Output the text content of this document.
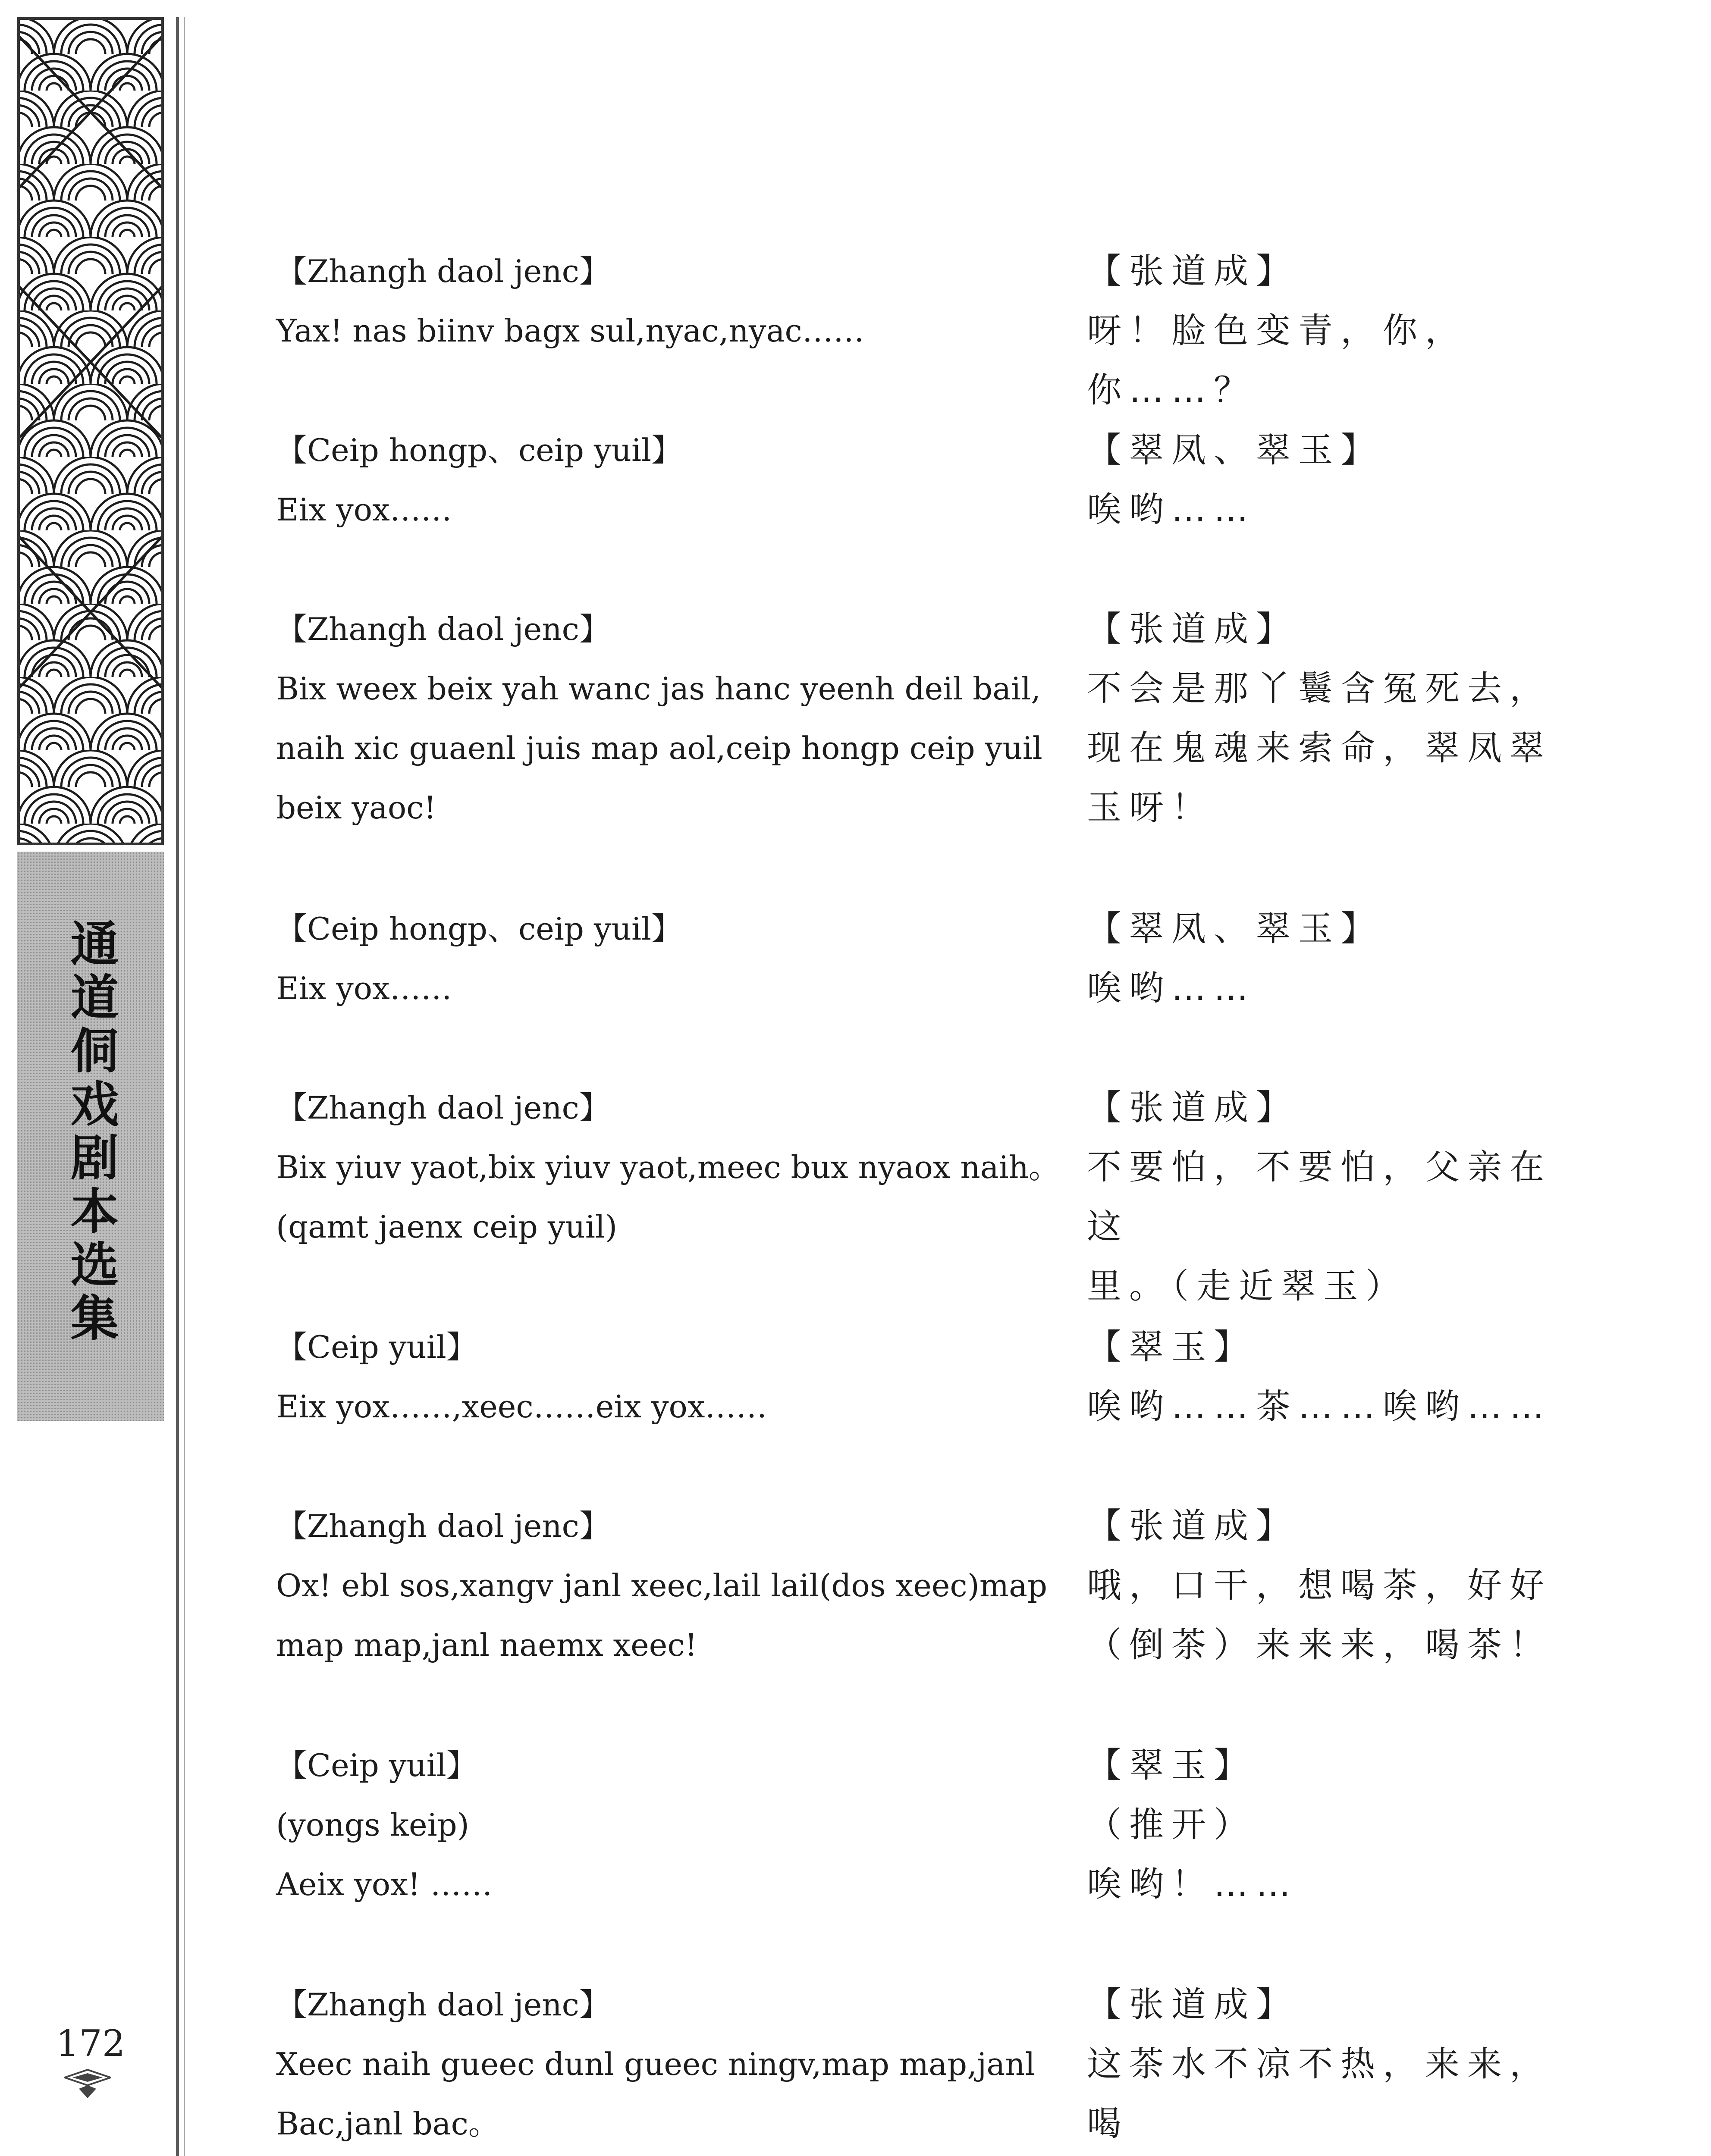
通道侗戏剧本选集
172
【Zhangh daol jenc】
Yax! nas biinv bagx sul,nyac,nyac……
【张道成】
呀！脸色变青，你，你……？
【Ceip hongp、ceip yuil】
Eix yox……
【翠凤、翠玉】
唉哟……
【Zhangh daol jenc】
Bix weex beix yah wanc jas hanc yeenh deil bail,
naih xic guaenl juis map aol,ceip hongp ceip yuil
beix yaoc!
【张道成】
不会是那丫鬟含冤死去，
现在鬼魂来索命，翠凤翠
玉呀！
【Ceip hongp、ceip yuil】
Eix yox……
【翠凤、翠玉】
唉哟……
【Zhangh daol jenc】
Bix yiuv yaot,bix yiuv yaot,meec bux nyaox naih。
(qamt jaenx ceip yuil)
【张道成】
不要怕，不要怕，父亲在这
里。（走近翠玉）
【Ceip yuil】
Eix yox……,xeec……eix yox……
【翠玉】
唉哟……茶……唉哟……
【Zhangh daol jenc】
Ox! ebl sos,xangv janl xeec,lail lail(dos xeec)map
map map,janl naemx xeec!
【张道成】
哦，口干，想喝茶，好好
（倒茶）来来来，喝茶！
【Ceip yuil】
(yongs keip)
Aeix yox! ……
【翠玉】
（推开）
唉哟！……
【Zhangh daol jenc】
Xeec naih gueec dunl gueec ningv,map map,janl
Bac,janl bac。
【张道成】
这茶水不凉不热，来来，喝
